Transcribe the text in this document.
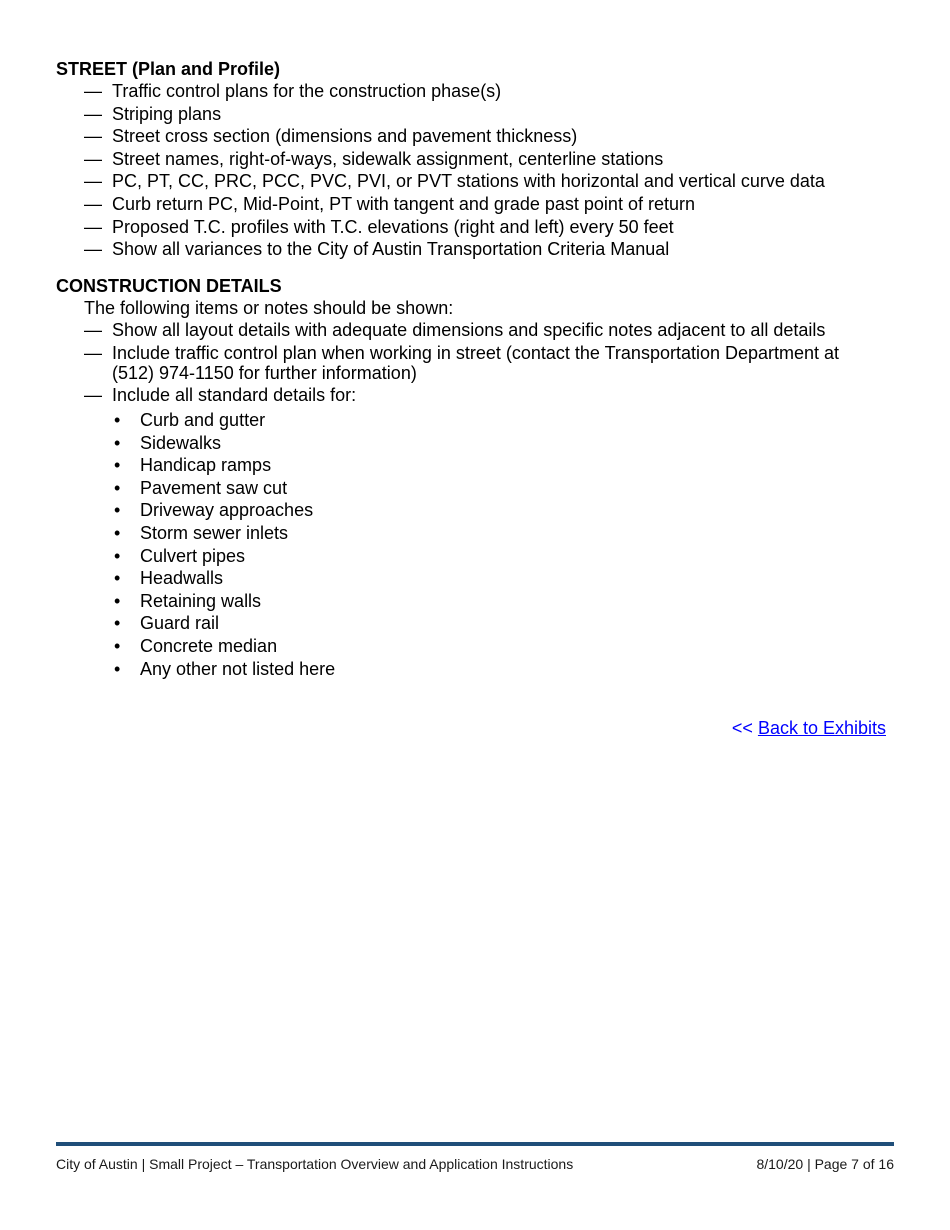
STREET (Plan and Profile)
— Traffic control plans for the construction phase(s)
— Striping plans
— Street cross section (dimensions and pavement thickness)
— Street names, right-of-ways, sidewalk assignment, centerline stations
— PC, PT, CC, PRC, PCC, PVC, PVI, or PVT stations with horizontal and vertical curve data
— Curb return PC, Mid-Point, PT with tangent and grade past point of return
— Proposed T.C. profiles with T.C. elevations (right and left) every 50 feet
— Show all variances to the City of Austin Transportation Criteria Manual
CONSTRUCTION DETAILS
The following items or notes should be shown:
— Show all layout details with adequate dimensions and specific notes adjacent to all details
— Include traffic control plan when working in street (contact the Transportation Department at (512) 974-1150 for further information)
— Include all standard details for:
• Curb and gutter
• Sidewalks
• Handicap ramps
• Pavement saw cut
• Driveway approaches
• Storm sewer inlets
• Culvert pipes
• Headwalls
• Retaining walls
• Guard rail
• Concrete median
• Any other not listed here
<< Back to Exhibits
City of Austin | Small Project – Transportation Overview and Application Instructions	8/10/20 | Page 7 of 16
